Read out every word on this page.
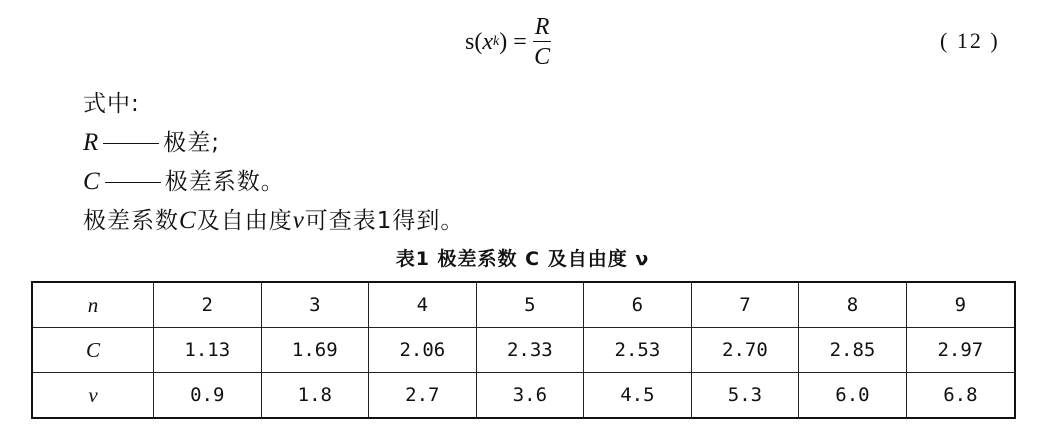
s( x k ) = $\frac{R}{C}$	( 12 )
式中:
R	极差;
C	极差系数。
极差系数C及自由度ν可查表1得到。
表1 极差系数 C 及自由度 ν
n	2	3	4	5	6	7	8	9
C	1.13	1.69	2.06	2.33	2.53	2.70	2.85	2.97
ν	0.9	1.8	2.7	3.6	4.5	5.3	6.0	6.8
